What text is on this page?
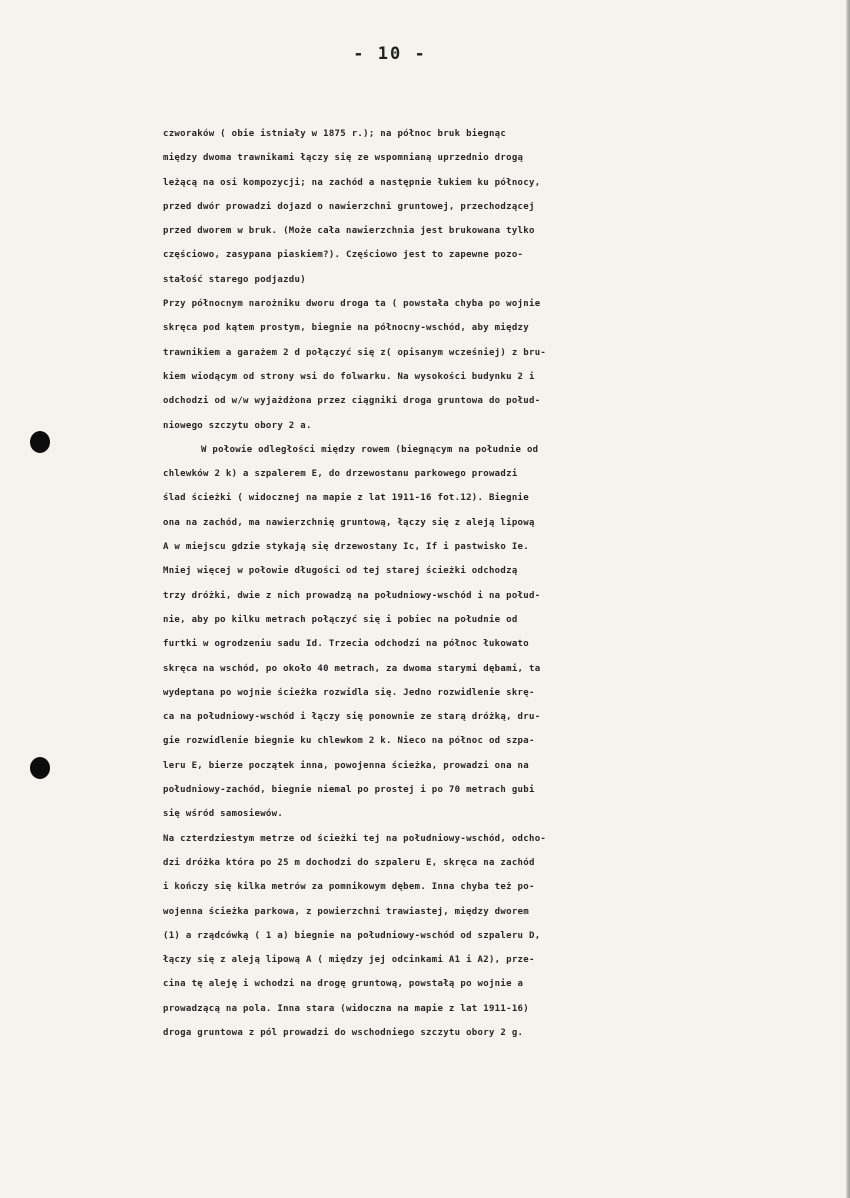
- 10 -
czworaków ( obie istniały w 1875 r.); na północ bruk biegnąc
między dwoma trawnikami łączy się ze wspomnianą uprzednio drogą
leżącą na osi kompozycji; na zachód a następnie łukiem ku północy,
przed dwór prowadzi dojazd o nawierzchni gruntowej, przechodzącej
przed dworem w bruk. (Może cała nawierzchnia jest brukowana tylko
częściowo, zasypana piaskiem?). Częściowo jest to zapewne pozo-
stałość starego podjazdu)
Przy północnym narożniku dworu droga ta ( powstała chyba po wojnie
skręca pod kątem prostym, biegnie na północny-wschód, aby między
trawnikiem a garażem 2 d połączyć się z( opisanym wcześniej) z bru-
kiem wiodącym od strony wsi do folwarku. Na wysokości budynku 2 i
odchodzi od w/w wyjażdżona przez ciągniki droga gruntowa do połud-
niowego szczytu obory 2 a.
W połowie odległości między rowem (biegnącym na południe od
chlewków 2 k) a szpalerem E, do drzewostanu parkowego prowadzi
ślad ścieżki ( widocznej na mapie z lat 1911-16 fot.12). Biegnie
ona na zachód, ma nawierzchnię gruntową, łączy się z aleją lipową
A w miejscu gdzie stykają się drzewostany Ic, If i pastwisko Ie.
Mniej więcej w połowie długości od tej starej ścieżki odchodzą
trzy dróżki, dwie z nich prowadzą na południowy-wschód i na połud-
nie, aby po kilku metrach połączyć się i pobiec na południe od
furtki w ogrodzeniu sadu Id. Trzecia odchodzi na północ łukowato
skręca na wschód, po około 40 metrach, za dwoma starymi dębami, ta
wydeptana po wojnie ścieżka rozwidla się. Jedno rozwidlenie skrę-
ca na południowy-wschód i łączy się ponownie ze starą dróżką, dru-
gie rozwidlenie biegnie ku chlewkom 2 k. Nieco na północ od szpa-
leru E, bierze początek inna, powojenna ścieżka, prowadzi ona na
południowy-zachód, biegnie niemal po prostej i po 70 metrach gubi
się wśród samosiewów.
Na czterdziestym metrze od ścieżki tej na południowy-wschód, odcho-
dzi dróżka która po 25 m dochodzi do szpaleru E, skręca na zachód
i kończy się kilka metrów za pomnikowym dębem. Inna chyba też po-
wojenna ścieżka parkowa, z powierzchni trawiastej, między dworem
(1) a rządcówką ( 1 a) biegnie na południowy-wschód od szpaleru D,
łączy się z aleją lipową A ( między jej odcinkami A1 i A2), prze-
cina tę aleję i wchodzi na drogę gruntową, powstałą po wojnie a
prowadzącą na pola. Inna stara (widoczna na mapie z lat 1911-16)
droga gruntowa z pól prowadzi do wschodniego szczytu obory 2 g.
